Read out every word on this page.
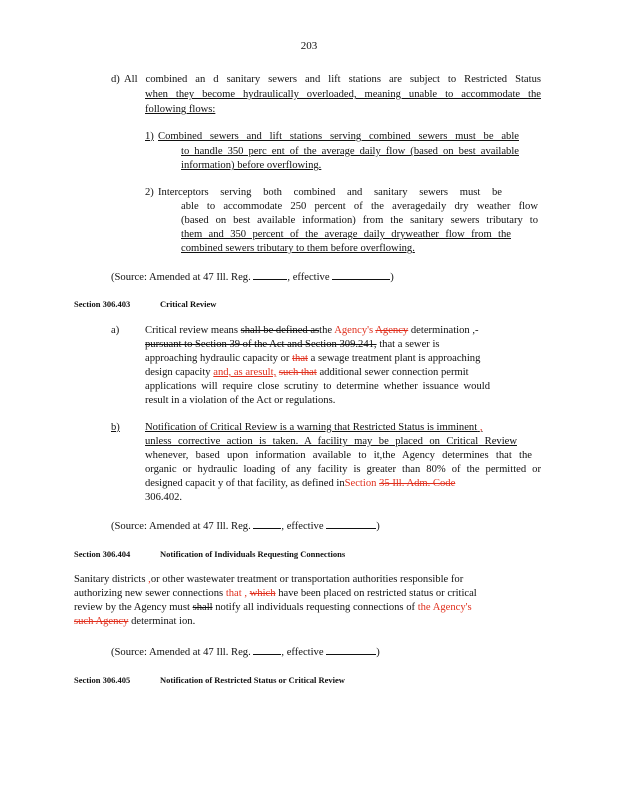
203
d) All combined an d sanitary sewers and lift stations are subject to Restricted Status
when they become hydraulically overloaded, meaning unable to accommodate the
following flows:
1) Combined sewers and lift stations serving combined sewers must be able
to handle 350 perc ent of the average daily flow (based on best available
information) before overflowing.
2) Interceptors serving both combined and sanitary sewers must be
able to accommodate 250 percent of the averagedaily dry weather flow
(based on best available information) from the sanitary sewers tributary to
them and 350 percent of the average daily dryweather flow from the
combined sewers tributary to them before overflowing.
(Source: Amended at 47 Ill. Reg.	, effective	)
Section 306.403	Critical Review
a) Critical review means shall be defined asthe Agency's Agency determination ,-
pursuant to Section 39 of the Act and Section 309.241, that a sewer is
approaching hydraulic capacity or that a sewage treatment plant is approaching
design capacity and, as aresult, such that additional sewer connection permit
applications will require close scrutiny to determine whether issuance would
result in a violation of the Act or regulations.
b) Notification of Critical Review is a warning that Restricted Status is imminent ,
unless corrective action is taken. A facility may be placed on Critical Review
whenever, based upon information available to it,the Agency determines that the
organic or hydraulic loading of any facility is greater than 80% of the permitted or
designed capacit y of that facility, as defined inSection 35 Ill. Adm. Code
306.402.
(Source: Amended at 47 Ill. Reg.	, effective	)
Section 306.404	Notification of Individuals Requesting Connections
Sanitary districts ,or other wastewater treatment or transportation authorities responsible for
authorizing new sewer connections that , which have been placed on restricted status or critical
review by the Agency must shall notify all individuals requesting connections of the Agency's
such Agency determinat ion.
(Source: Amended at 47 Ill. Reg.	, effective	)
Section 306.405	Notification of Restricted Status or Critical Review
